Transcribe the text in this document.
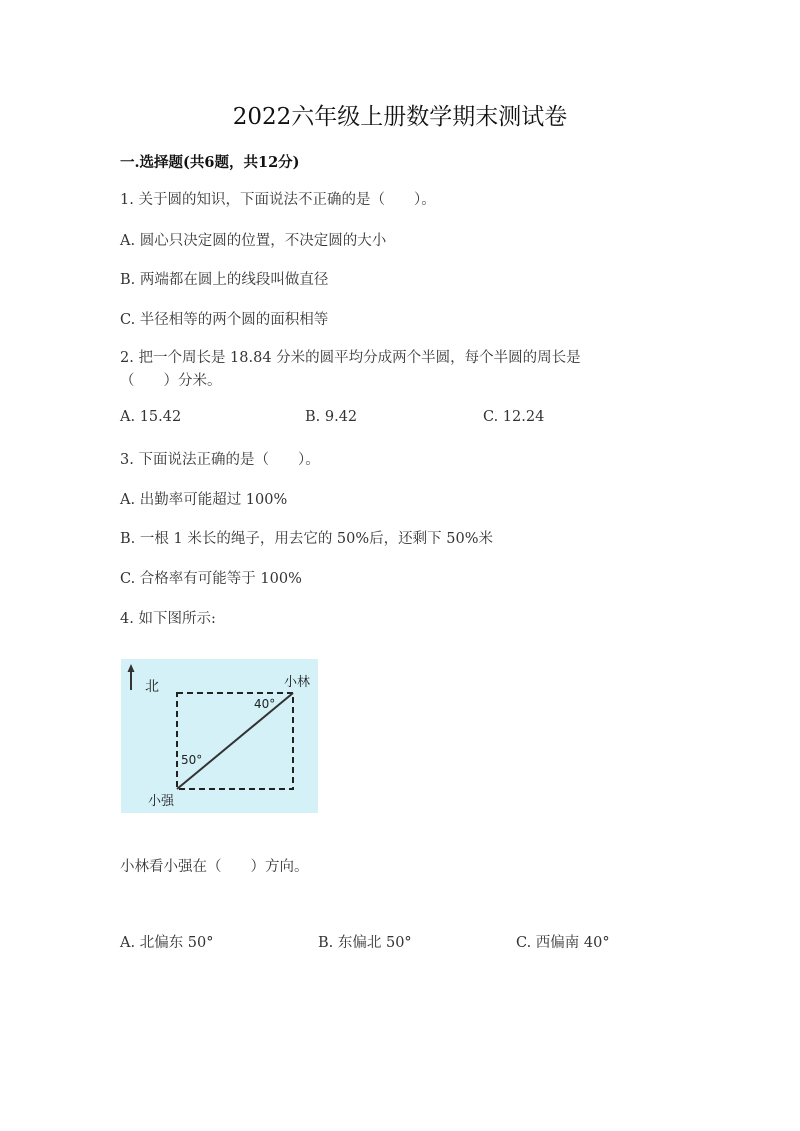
2022六年级上册数学期末测试卷
一.选择题(共6题，共12分)
1. 关于圆的知识，下面说法不正确的是（　　）。
A. 圆心只决定圆的位置，不决定圆的大小
B. 两端都在圆上的线段叫做直径
C. 半径相等的两个圆的面积相等
2. 把一个周长是 18.84 分米的圆平均分成两个半圆，每个半圆的周长是
（　　）分米。
A. 15.42	B. 9.42	C. 12.24
3. 下面说法正确的是（　　）。
A. 出勤率可能超过 100%
B. 一根 1 米长的绳子，用去它的 50%后，还剩下 50%米
C. 合格率有可能等于 100%
4. 如下图所示:
北	小林
40°
50°
小强
小林看小强在（　　）方向。
A. 北偏东 50°	B. 东偏北 50°	C. 西偏南 40°
